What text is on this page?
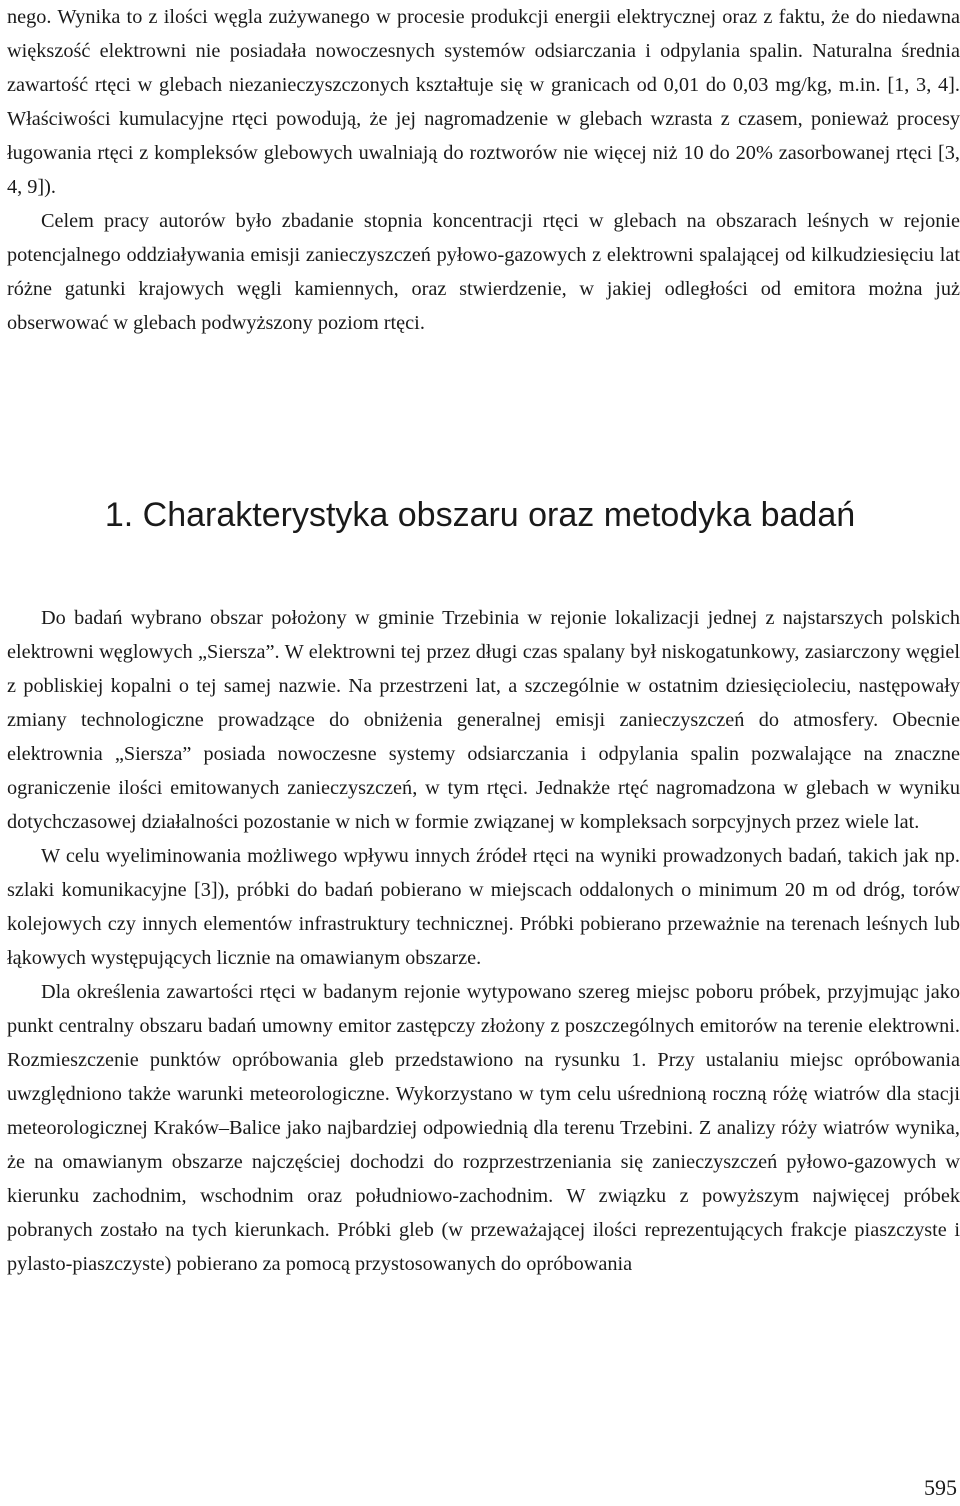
nego. Wynika to z ilości węgla zużywanego w procesie produkcji energii elektrycznej oraz z faktu, że do niedawna większość elektrowni nie posiadała nowoczesnych systemów odsiarczania i odpylania spalin. Naturalna średnia zawartość rtęci w glebach niezanieczyszczonych kształtuje się w granicach od 0,01 do 0,03 mg/kg, m.in. [1, 3, 4]. Właściwości kumulacyjne rtęci powodują, że jej nagromadzenie w glebach wzrasta z czasem, ponieważ procesy ługowania rtęci z kompleksów glebowych uwalniają do roztworów nie więcej niż 10 do 20% zasorbowanej rtęci [3, 4, 9]).

Celem pracy autorów było zbadanie stopnia koncentracji rtęci w glebach na obszarach leśnych w rejonie potencjalnego oddziaływania emisji zanieczyszczeń pyłowo-gazowych z elektrowni spalającej od kilkudziesięciu lat różne gatunki krajowych węgli kamiennych, oraz stwierdzenie, w jakiej odległości od emitora można już obserwować w glebach podwyższony poziom rtęci.

1. Charakterystyka obszaru oraz metodyka badań

Do badań wybrano obszar położony w gminie Trzebinia w rejonie lokalizacji jednej z najstarszych polskich elektrowni węglowych „Siersza”. W elektrowni tej przez długi czas spalany był niskogatunkowy, zasiarczony węgiel z pobliskiej kopalni o tej samej nazwie. Na przestrzeni lat, a szczególnie w ostatnim dziesięcioleciu, następowały zmiany technologiczne prowadzące do obniżenia generalnej emisji zanieczyszczeń do atmosfery. Obecnie elektrownia „Siersza” posiada nowoczesne systemy odsiarczania i odpylania spalin pozwalające na znaczne ograniczenie ilości emitowanych zanieczyszczeń, w tym rtęci. Jednakże rtęć nagromadzona w glebach w wyniku dotychczasowej działalności pozostanie w nich w formie związanej w kompleksach sorpcyjnych przez wiele lat.

W celu wyeliminowania możliwego wpływu innych źródeł rtęci na wyniki prowadzonych badań, takich jak np. szlaki komunikacyjne [3]), próbki do badań pobierano w miejscach oddalonych o minimum 20 m od dróg, torów kolejowych czy innych elementów infrastruktury technicznej. Próbki pobierano przeważnie na terenach leśnych lub łąkowych występujących licznie na omawianym obszarze.

Dla określenia zawartości rtęci w badanym rejonie wytypowano szereg miejsc poboru próbek, przyjmując jako punkt centralny obszaru badań umowny emitor zastępczy złożony z poszczególnych emitorów na terenie elektrowni. Rozmieszczenie punktów opróbowania gleb przedstawiono na rysunku 1. Przy ustalaniu miejsc opróbowania uwzględniono także warunki meteorologiczne. Wykorzystano w tym celu uśrednioną roczną różę wiatrów dla stacji meteorologicznej Kraków–Balice jako najbardziej odpowiednią dla terenu Trzebini. Z analizy róży wiatrów wynika, że na omawianym obszarze najczęściej dochodzi do rozprzestrzeniania się zanieczyszczeń pyłowo-gazowych w kierunku zachodnim, wschodnim oraz południowo-zachodnim. W związku z powyższym najwięcej próbek pobranych zostało na tych kierunkach. Próbki gleb (w przeważającej ilości reprezentujących frakcje piaszczyste i pylasto-piaszczyste) pobierano za pomocą przystosowanych do opróbowania

595
